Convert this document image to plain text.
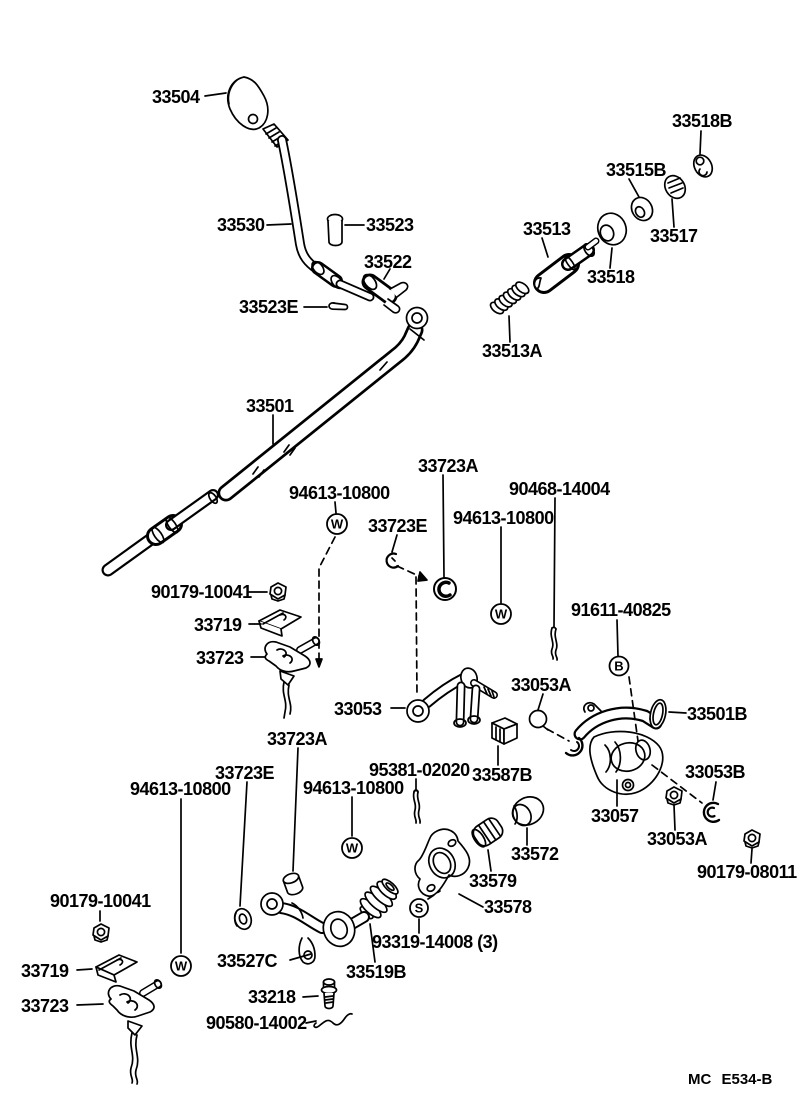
W
W
B
W
S
W
33504
33518B
33515B
33530	33523	33513	33517
33522
33518
33523E
33513A
33501
33723A
94613-10800	90468-14004
33723E 94613-10800
91611-40825
90179-10041
33719
33723
33053A
33053	33501B
33723A
33723E	95381-02020 33587B	33053B
94613-10800	94613-10800
33057
33053A
33572
90179-08011
33579
33578
90179-10041
33527C
93319-14008 (3)
33519B
33218
33719
90580-14002
33723
MC E534-B
